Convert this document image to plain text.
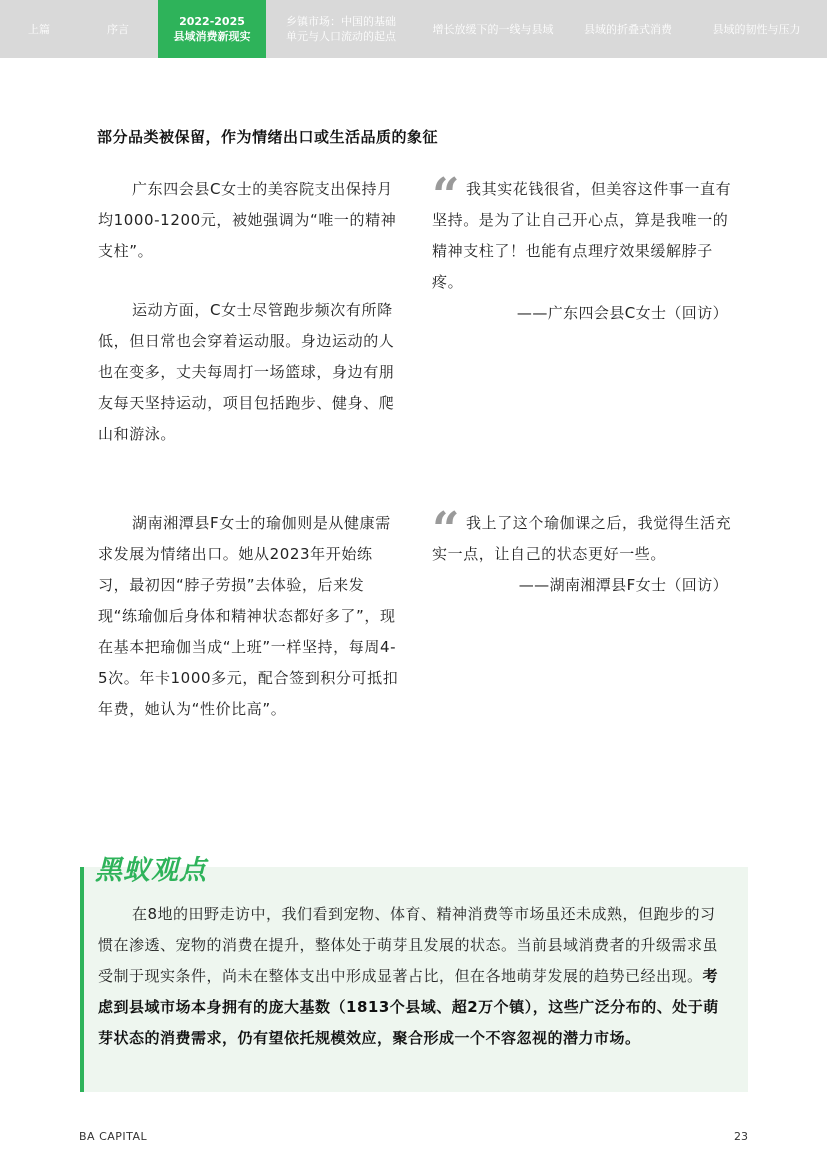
上篇	序言
2022-2025
县域消费新现实
乡镇市场：中国的基础
单元与人口流动的起点
增长放缓下的一线与县域	县域的折叠式消费	县域的韧性与压力
部分品类被保留，作为情绪出口或生活品质的象征
广东四会县C女士的美容院支出保持月均1000-1200元，被她强调为“唯一的精神支柱”。
运动方面，C女士尽管跑步频次有所降低，但日常也会穿着运动服。身边运动的人也在变多，丈夫每周打一场篮球，身边有朋友每天坚持运动，项目包括跑步、健身、爬山和游泳。
湖南湘潭县F女士的瑜伽则是从健康需求发展为情绪出口。她从2023年开始练习，最初因“脖子劳损”去体验，后来发现“练瑜伽后身体和精神状态都好多了”，现在基本把瑜伽当成“上班”一样坚持，每周4-5次。年卡1000多元，配合签到积分可抵扣年费，她认为“性价比高”。
“ 我其实花钱很省，但美容这件事一直有坚持。是为了让自己开心点，算是我唯一的精神支柱了！也能有点理疗效果缓解脖子疼。
——广东四会县C女士（回访）
“ 我上了这个瑜伽课之后，我觉得生活充实一点，让自己的状态更好一些。
——湖南湘潭县F女士（回访）
黑蚁观点
在8地的田野走访中，我们看到宠物、体育、精神消费等市场虽还未成熟，但跑步的习惯在渗透、宠物的消费在提升，整体处于萌芽且发展的状态。当前县域消费者的升级需求虽受制于现实条件，尚未在整体支出中形成显著占比，但在各地萌芽发展的趋势已经出现。考虑到县域市场本身拥有的庞大基数（1813个县域、超2万个镇），这些广泛分布的、处于萌芽状态的消费需求，仍有望依托规模效应，聚合形成一个不容忽视的潜力市场。
BA CAPITAL	23
